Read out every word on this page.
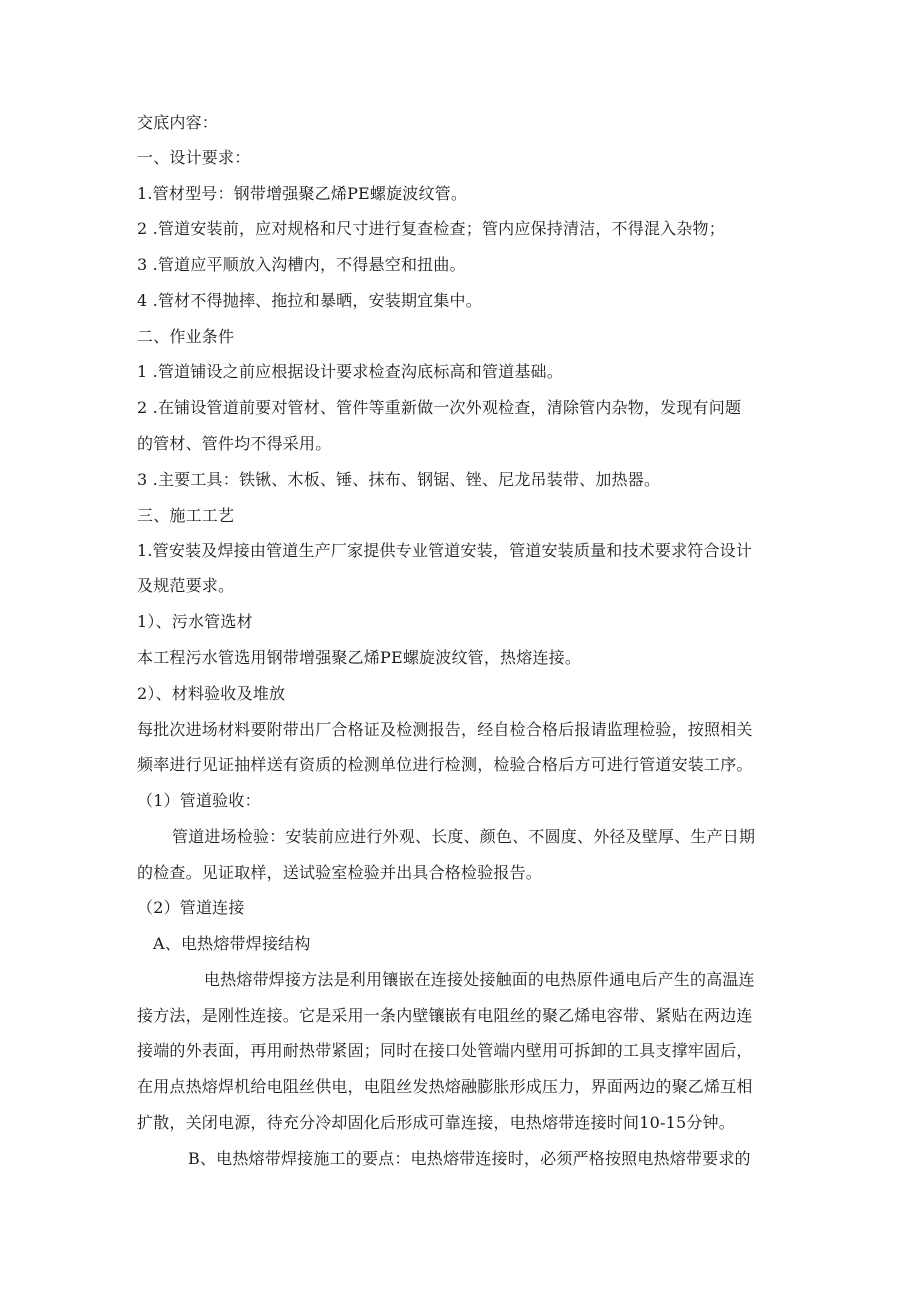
交底内容：
一、设计要求：
1.管材型号：钢带增强聚乙烯PE螺旋波纹管。
2 .管道安装前，应对规格和尺寸进行复查检查；管内应保持清洁，不得混入杂物；
3 .管道应平顺放入沟槽内，不得悬空和扭曲。
4 .管材不得抛摔、拖拉和暴晒，安装期宜集中。
二、作业条件
1 .管道铺设之前应根据设计要求检查沟底标高和管道基础。
2 .在铺设管道前要对管材、管件等重新做一次外观检查，清除管内杂物，发现有问题
的管材、管件均不得采用。
3 .主要工具：铁锹、木板、锤、抹布、钢锯、锉、尼龙吊装带、加热器。
三、施工工艺
1.管安装及焊接由管道生产厂家提供专业管道安装，管道安装质量和技术要求符合设计
及规范要求。
1）、污水管选材
本工程污水管选用钢带增强聚乙烯PE螺旋波纹管，热熔连接。
2）、材料验收及堆放
每批次进场材料要附带出厂合格证及检测报告，经自检合格后报请监理检验，按照相关
频率进行见证抽样送有资质的检测单位进行检测，检验合格后方可进行管道安装工序。
（1）管道验收：
管道进场检验：安装前应进行外观、长度、颜色、不圆度、外径及壁厚、生产日期
的检查。见证取样，送试验室检验并出具合格检验报告。
（2）管道连接
A、电热熔带焊接结构
电热熔带焊接方法是利用镶嵌在连接处接触面的电热原件通电后产生的高温连
接方法，是刚性连接。它是采用一条内壁镶嵌有电阻丝的聚乙烯电容带、紧贴在两边连
接端的外表面，再用耐热带紧固；同时在接口处管端内壁用可拆卸的工具支撑牢固后，
在用点热熔焊机给电阻丝供电，电阻丝发热熔融膨胀形成压力，界面两边的聚乙烯互相
扩散，关闭电源，待充分冷却固化后形成可靠连接，电热熔带连接时间10-15分钟。
B、电热熔带焊接施工的要点：电热熔带连接时，必须严格按照电热熔带要求的
